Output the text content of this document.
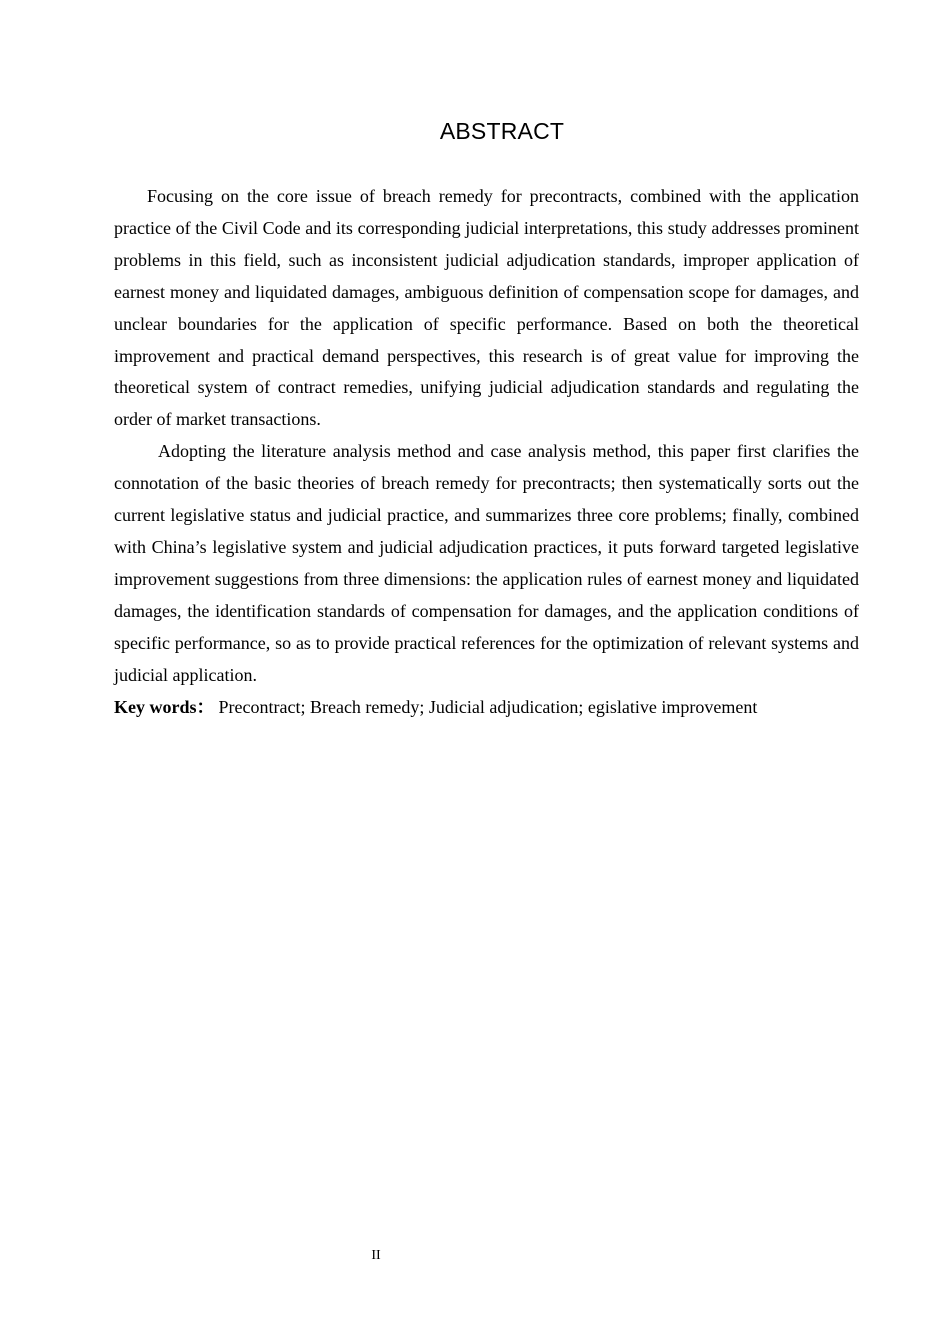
ABSTRACT

Focusing on the core issue of breach remedy for precontracts, combined with the application practice of the Civil Code and its corresponding judicial interpretations, this study addresses prominent problems in this field, such as inconsistent judicial adjudication standards, improper application of earnest money and liquidated damages, ambiguous definition of compensation scope for damages, and unclear boundaries for the application of specific performance. Based on both the theoretical improvement and practical demand perspectives, this research is of great value for improving the theoretical system of contract remedies, unifying judicial adjudication standards and regulating the order of market transactions.

Adopting the literature analysis method and case analysis method, this paper first clarifies the connotation of the basic theories of breach remedy for precontracts; then systematically sorts out the current legislative status and judicial practice, and summarizes three core problems; finally, combined with China’s legislative system and judicial adjudication practices, it puts forward targeted legislative improvement suggestions from three dimensions: the application rules of earnest money and liquidated damages, the identification standards of compensation for damages, and the application conditions of specific performance, so as to provide practical references for the optimization of relevant systems and judicial application.

Key words： Precontract; Breach remedy; Judicial adjudication; egislative improvement

II
